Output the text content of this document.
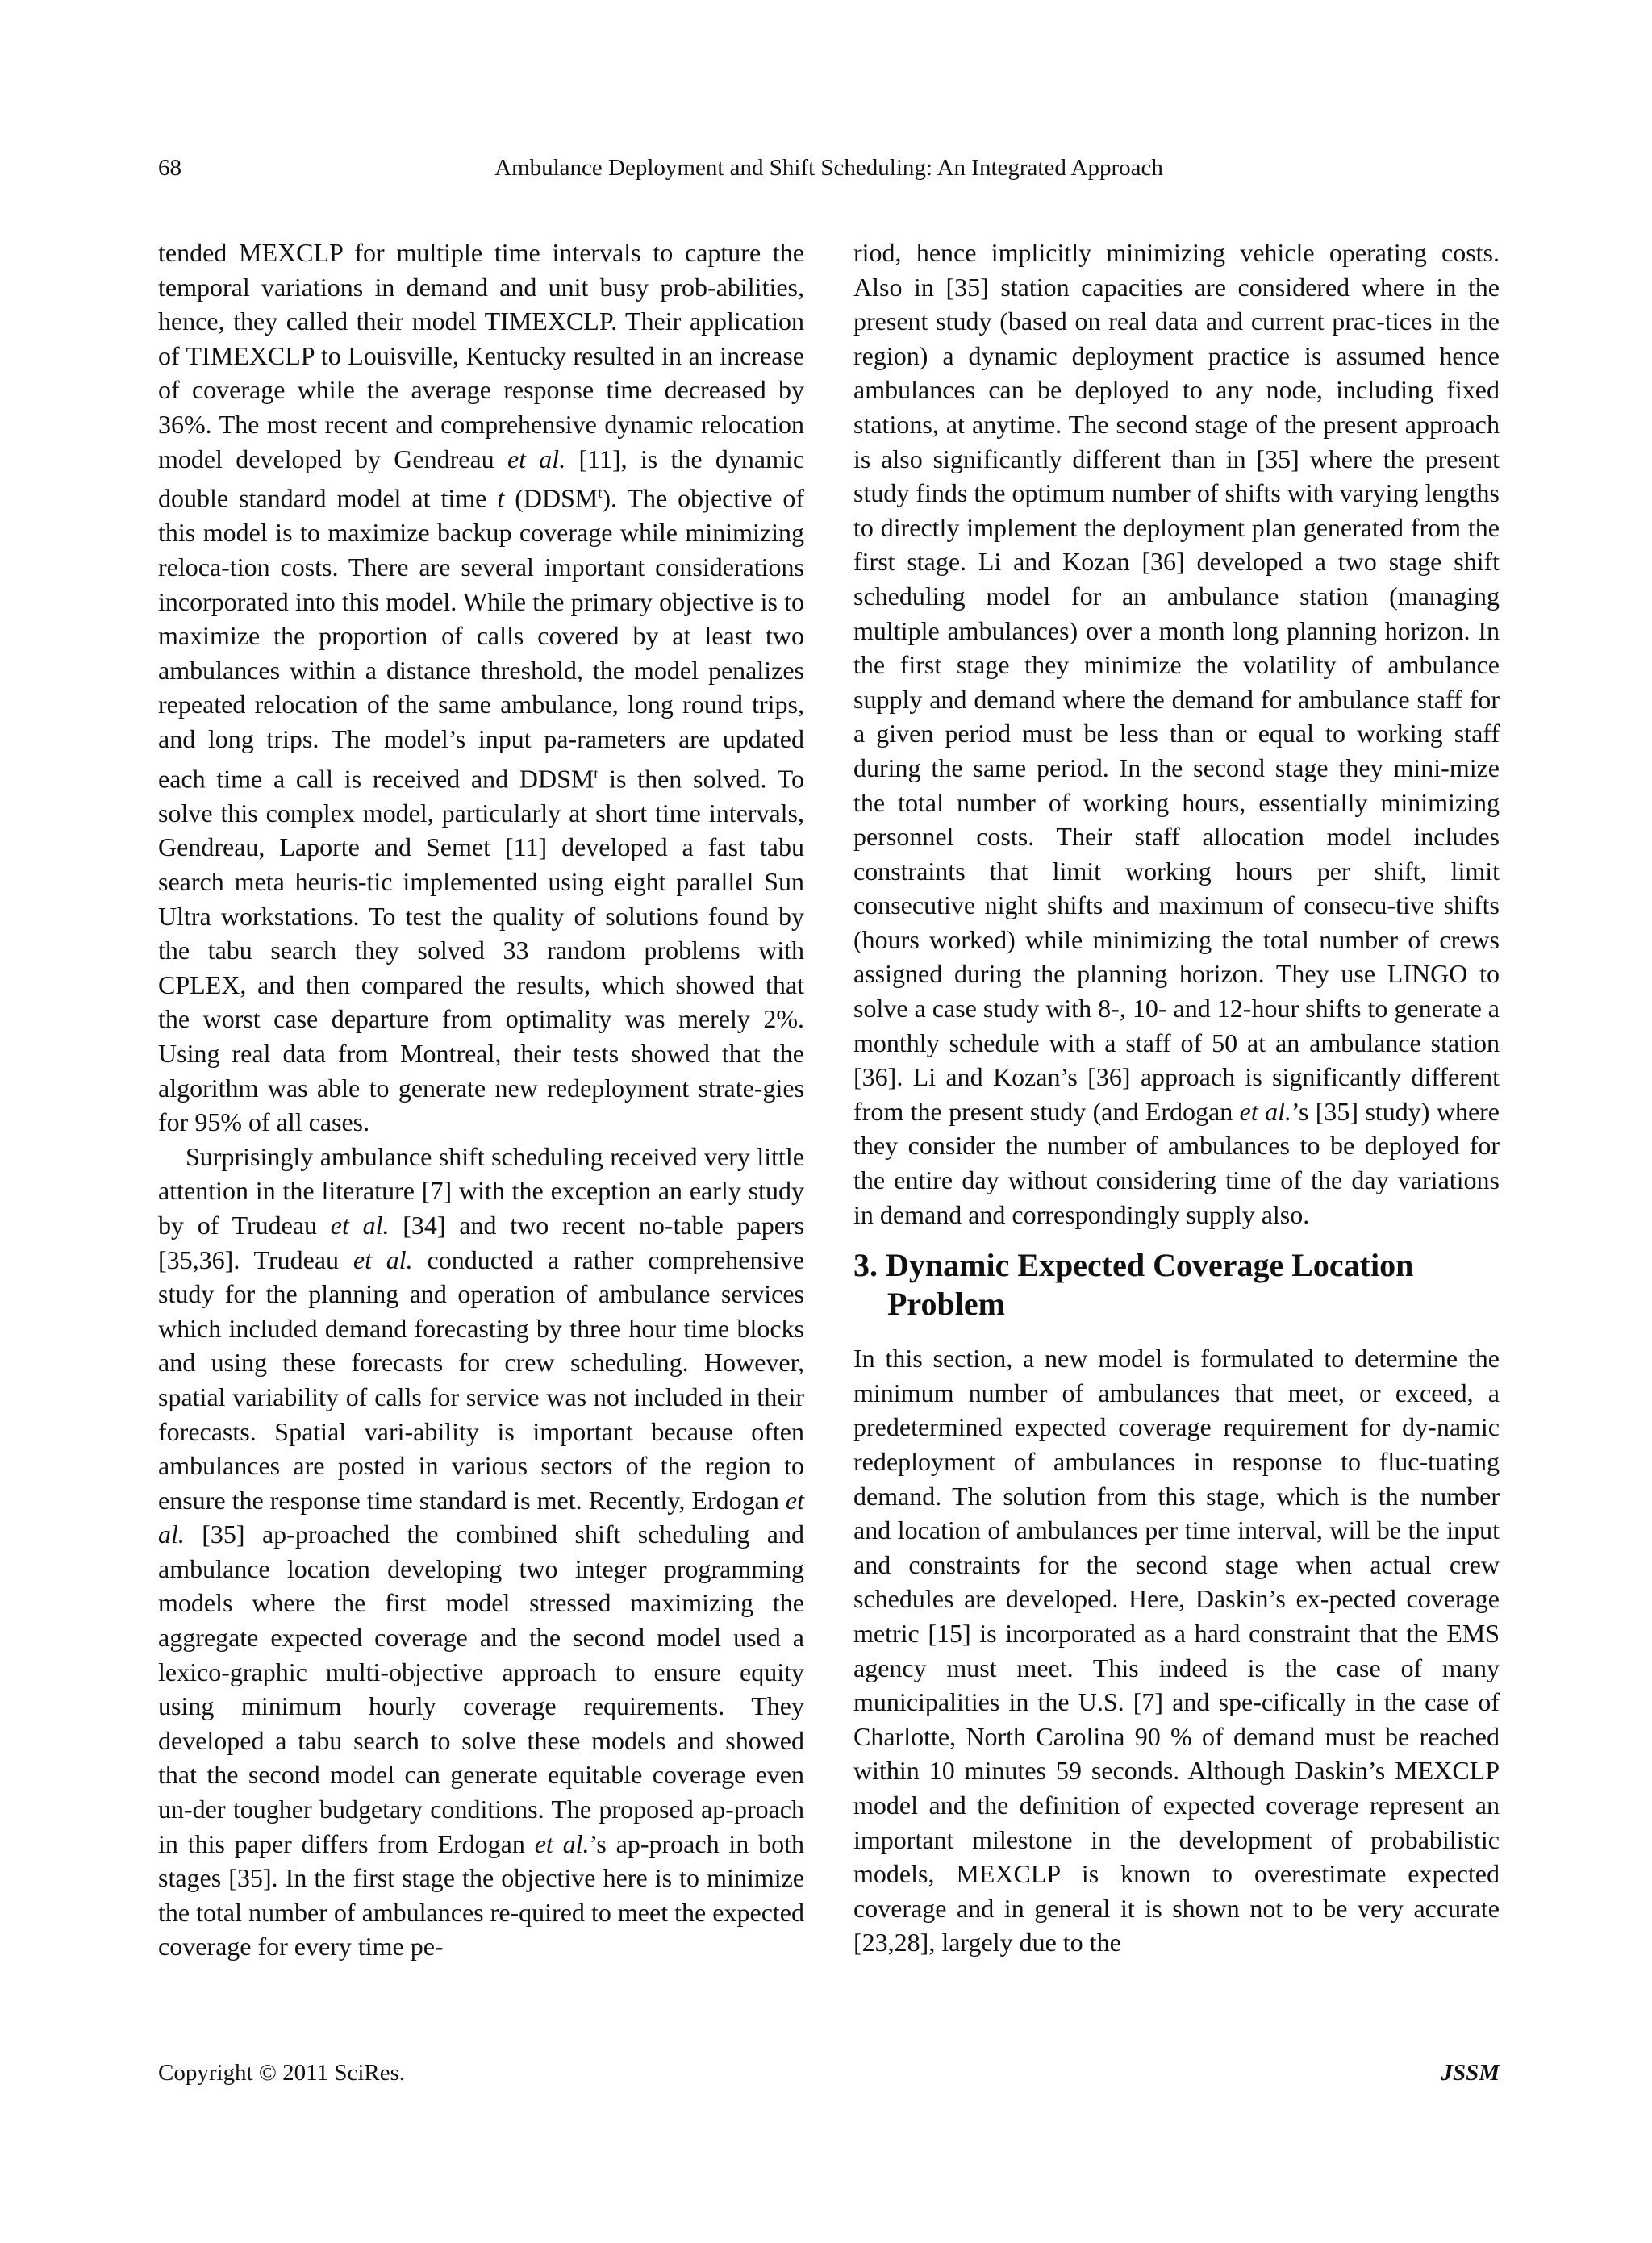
68	Ambulance Deployment and Shift Scheduling: An Integrated Approach

tended MEXCLP for multiple time intervals to capture the temporal variations in demand and unit busy prob-abilities, hence, they called their model TIMEXCLP. Their application of TIMEXCLP to Louisville, Kentucky resulted in an increase of coverage while the average response time decreased by 36%. The most recent and comprehensive dynamic relocation model developed by Gendreau et al. [11], is the dynamic double standard model at time t (DDSM$^t$). The objective of this model is to maximize backup coverage while minimizing reloca-tion costs. There are several important considerations incorporated into this model. While the primary objective is to maximize the proportion of calls covered by at least two ambulances within a distance threshold, the model penalizes repeated relocation of the same ambulance, long round trips, and long trips. The model’s input pa-rameters are updated each time a call is received and DDSM$^t$ is then solved. To solve this complex model, particularly at short time intervals, Gendreau, Laporte and Semet [11] developed a fast tabu search meta heuris-tic implemented using eight parallel Sun Ultra workstations. To test the quality of solutions found by the tabu search they solved 33 random problems with CPLEX, and then compared the results, which showed that the worst case departure from optimality was merely 2%. Using real data from Montreal, their tests showed that the algorithm was able to generate new redeployment strate-gies for 95% of all cases.

Surprisingly ambulance shift scheduling received very little attention in the literature [7] with the exception an early study by of Trudeau et al. [34] and two recent no-table papers [35,36]. Trudeau et al. conducted a rather comprehensive study for the planning and operation of ambulance services which included demand forecasting by three hour time blocks and using these forecasts for crew scheduling. However, spatial variability of calls for service was not included in their forecasts. Spatial vari-ability is important because often ambulances are posted in various sectors of the region to ensure the response time standard is met. Recently, Erdogan et al. [35] ap-proached the combined shift scheduling and ambulance location developing two integer programming models where the first model stressed maximizing the aggregate expected coverage and the second model used a lexico-graphic multi-objective approach to ensure equity using minimum hourly coverage requirements. They developed a tabu search to solve these models and showed that the second model can generate equitable coverage even un-der tougher budgetary conditions. The proposed ap-proach in this paper differs from Erdogan et al.’s ap-proach in both stages [35]. In the first stage the objective here is to minimize the total number of ambulances re-quired to meet the expected coverage for every time pe-

riod, hence implicitly minimizing vehicle operating costs. Also in [35] station capacities are considered where in the present study (based on real data and current prac-tices in the region) a dynamic deployment practice is assumed hence ambulances can be deployed to any node, including fixed stations, at anytime. The second stage of the present approach is also significantly different than in [35] where the present study finds the optimum number of shifts with varying lengths to directly implement the deployment plan generated from the first stage. Li and Kozan [36] developed a two stage shift scheduling model for an ambulance station (managing multiple ambulances) over a month long planning horizon. In the first stage they minimize the volatility of ambulance supply and demand where the demand for ambulance staff for a given period must be less than or equal to working staff during the same period. In the second stage they mini-mize the total number of working hours, essentially minimizing personnel costs. Their staff allocation model includes constraints that limit working hours per shift, limit consecutive night shifts and maximum of consecu-tive shifts (hours worked) while minimizing the total number of crews assigned during the planning horizon. They use LINGO to solve a case study with 8-, 10- and 12-hour shifts to generate a monthly schedule with a staff of 50 at an ambulance station [36]. Li and Kozan’s [36] approach is significantly different from the present study (and Erdogan et al.’s [35] study) where they consider the number of ambulances to be deployed for the entire day without considering time of the day variations in demand and correspondingly supply also.

3. Dynamic Expected Coverage Location Problem

In this section, a new model is formulated to determine the minimum number of ambulances that meet, or exceed, a predetermined expected coverage requirement for dy-namic redeployment of ambulances in response to fluc-tuating demand. The solution from this stage, which is the number and location of ambulances per time interval, will be the input and constraints for the second stage when actual crew schedules are developed. Here, Daskin’s ex-pected coverage metric [15] is incorporated as a hard constraint that the EMS agency must meet. This indeed is the case of many municipalities in the U.S. [7] and spe-cifically in the case of Charlotte, North Carolina 90 % of demand must be reached within 10 minutes 59 seconds. Although Daskin’s MEXCLP model and the definition of expected coverage represent an important milestone in the development of probabilistic models, MEXCLP is known to overestimate expected coverage and in general it is shown not to be very accurate [23,28], largely due to the

Copyright © 2011 SciRes.	JSSM
